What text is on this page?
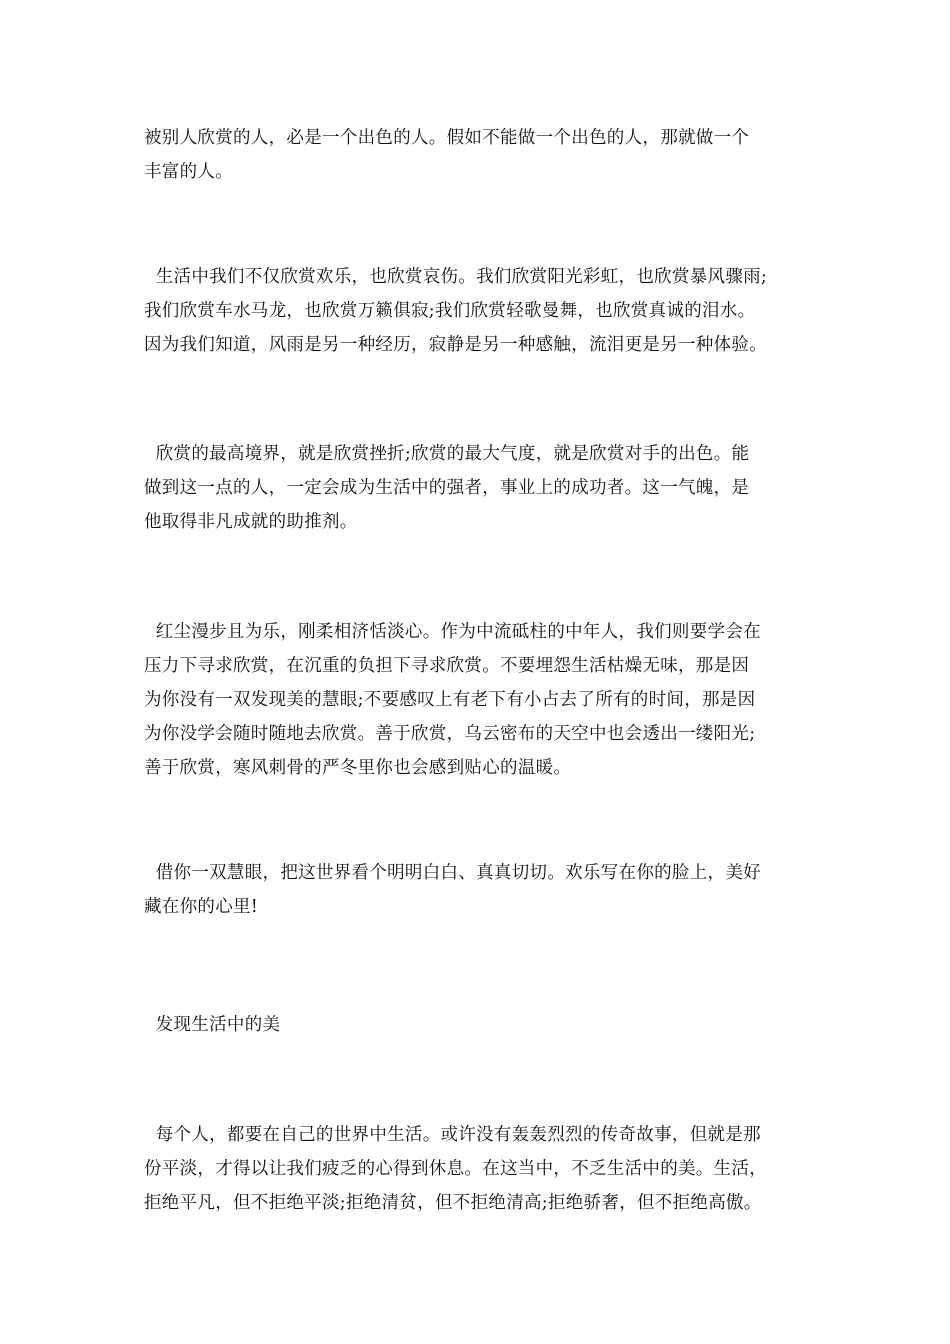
被别人欣赏的人，必是一个出色的人。假如不能做一个出色的人，那就做一个
丰富的人。
生活中我们不仅欣赏欢乐，也欣赏哀伤。我们欣赏阳光彩虹，也欣赏暴风骤雨;
我们欣赏车水马龙，也欣赏万籁俱寂;我们欣赏轻歌曼舞，也欣赏真诚的泪水。
因为我们知道，风雨是另一种经历，寂静是另一种感触，流泪更是另一种体验。
欣赏的最高境界，就是欣赏挫折;欣赏的最大气度，就是欣赏对手的出色。能
做到这一点的人，一定会成为生活中的强者，事业上的成功者。这一气魄，是
他取得非凡成就的助推剂。
红尘漫步且为乐，刚柔相济恬淡心。作为中流砥柱的中年人，我们则要学会在
压力下寻求欣赏，在沉重的负担下寻求欣赏。不要埋怨生活枯燥无味，那是因
为你没有一双发现美的慧眼;不要感叹上有老下有小占去了所有的时间，那是因
为你没学会随时随地去欣赏。善于欣赏，乌云密布的天空中也会透出一缕阳光;
善于欣赏，寒风刺骨的严冬里你也会感到贴心的温暖。
借你一双慧眼，把这世界看个明明白白、真真切切。欢乐写在你的脸上，美好
藏在你的心里!
发现生活中的美
每个人，都要在自己的世界中生活。或许没有轰轰烈烈的传奇故事，但就是那
份平淡，才得以让我们疲乏的心得到休息。在这当中，不乏生活中的美。生活，
拒绝平凡，但不拒绝平淡;拒绝清贫，但不拒绝清高;拒绝骄奢，但不拒绝高傲。
